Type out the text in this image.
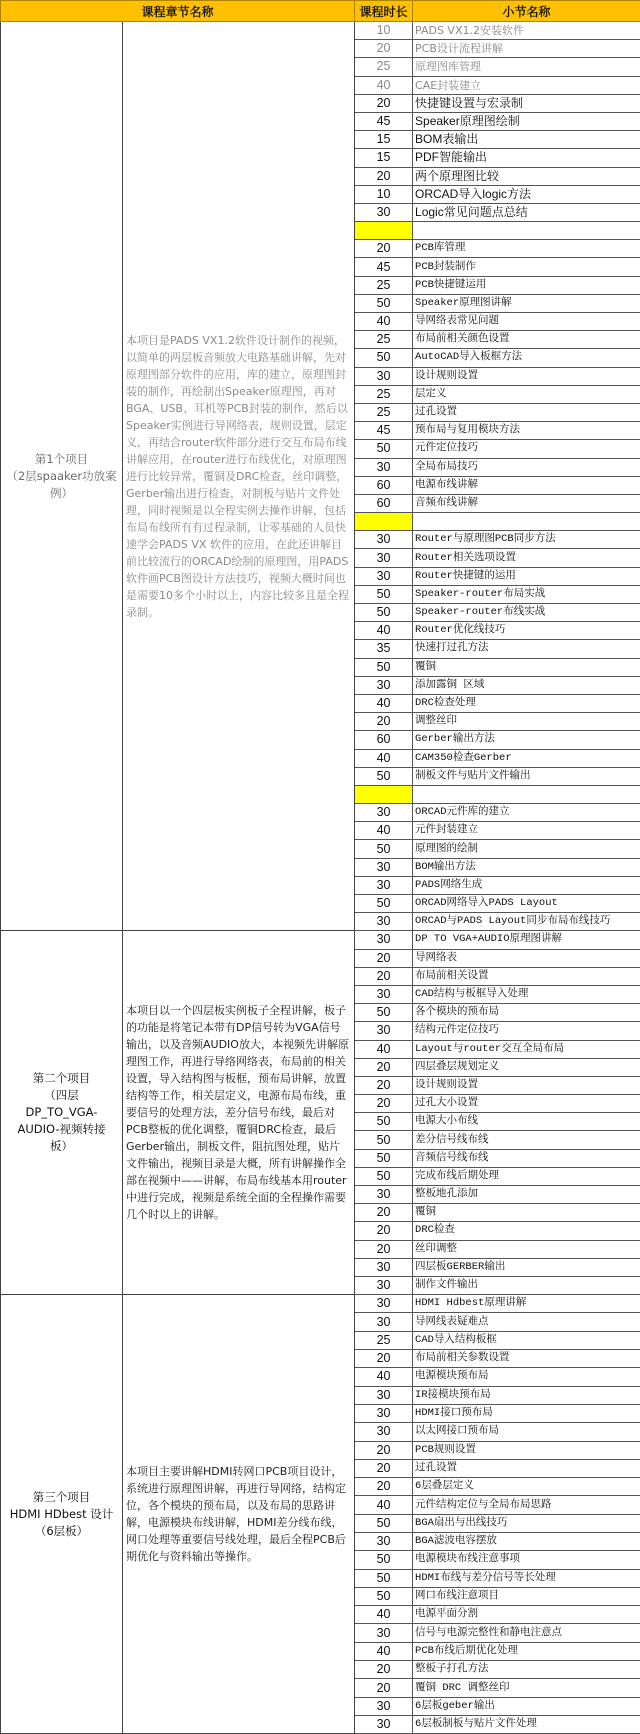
课程章节名称		课程时长	小节名称

第1个项目
（2层spaaker功放案
例）
	本项目是PADS VX1.2软件设计制作的视频，以简单的两层板音频放大电路基础讲解，先对原理图部分软件的应用，库的建立，原理图封装的制作，再绘制出Speaker原理图，再对BGA、USB、耳机等PCB封装的制作，然后以Speaker实例进行导网络表，规则设置，层定义，再结合router软件部分进行交互布局布线讲解应用，在router进行布线优化，对原理图进行比较异常，覆铜及DRC检查，丝印调整，Gerber输出进行检查，对制板与贴片文件处理，同时视频是以全程实例去操作讲解，包括布局布线所有有过程录制，让零基础的人员快速学会PADS VX 软件的应用，在此还讲解目前比较流行的ORCAD绘制的原理图，用PADS软件画PCB图设计方法技巧，视频大概时间也是需要10多个小时以上，内容比较多且是全程录制。	10	PADS VX1.2安装软件
		20	PCB设计流程讲解
		25	原理图库管理
		40	CAE封装建立
		20	快捷键设置与宏录制
		45	Speaker原理图绘制
		15	BOM表输出
		15	PDF智能输出
		20	两个原理图比较
		10	ORCAD导入logic方法
		30	Logic常见问题点总结

		20	PCB库管理
		45	PCB封装制作
		25	PCB快捷键运用
		50	Speaker原理图讲解
		40	导网络表常见问题
		25	布局前相关颜色设置
		50	AutoCAD导入板框方法
		30	设计规则设置
		25	层定义
		25	过孔设置
		45	预布局与复用模块方法
		50	元件定位技巧
		30	全局布局技巧
		60	电源布线讲解
		60	音频布线讲解

		30	Router与原理图PCB同步方法
		30	Router相关选项设置
		30	Router快捷键的运用
		50	Speaker-router布局实战
		50	Speaker-router布线实战
		40	Router优化线技巧
		35	快速打过孔方法
		50	覆铜
		30	添加露铜 区域
		40	DRC检查处理
		20	调整丝印
		60	Gerber输出方法
		40	CAM350检查Gerber
		50	制板文件与贴片文件输出

		30	ORCAD元件库的建立
		40	元件封装建立
		50	原理图的绘制
		30	BOM输出方法
		30	PADS网络生成
		50	ORCAD网络导入PADS Layout
		30	ORCAD与PADS Layout同步布局布线技巧

第二个项目
（四层
DP_TO_VGA-
AUDIO-视频转接
板）
	本项目以一个四层板实例板子全程讲解，板子的功能是将笔记本带有DP信号转为VGA信号输出，以及音频AUDIO放大，本视频先讲解原理图工作，再进行导络网络表，布局前的相关设置，导入结构图与板框，预布局讲解，放置结构等工作，相关层定义，电源布局布线，重要信号的处理方法，差分信号布线，最后对PCB整板的优化调整，覆铜DRC检查，最后Gerber输出，制板文件，阻抗图处理，贴片文件输出，视频目录是大概，所有讲解操作全部在视频中——讲解，布局布线基本用router中进行完成，视频是系统全面的全程操作需要几个时以上的讲解。	30	DP TO VGA+AUDIO原理图讲解
		20	导网络表
		20	布局前相关设置
		30	CAD结构与板框导入处理
		50	各个模块的预布局
		30	结构元件定位技巧
		40	Layout与router交互全局布局
		20	四层叠层规划定义
		20	设计规则设置
		20	过孔大小设置
		50	电源大小布线
		50	差分信号线布线
		50	音频信号线布线
		50	完成布线后期处理
		30	整板地孔添加
		20	覆铜
		20	DRC检查
		20	丝印调整
		30	四层板GERBER输出
		30	制作文件输出

第三个项目
HDMI HDbest 设计
（6层板）	本项目主要讲解HDMI转网口PCB项目设计，系统进行原理图讲解，再进行导网络，结构定位，各个模块的预布局，以及布局的思路讲解，电源模块布线讲解，HDMI差分线布线，网口处理等重要信号线处理，最后全程PCB后期优化与资料输出等操作。	30	HDMI Hdbest原理讲解
		30	导网线表疑难点
		25	CAD导入结构板框
		20	布局前相关参数设置
		40	电源模块预布局
		30	IR接模块预布局
		30	HDMI接口预布局
		30	以太网接口预布局
		20	PCB规则设置
		20	过孔设置
		20	6层叠层定义
		40	元件结构定位与全局布局思路
		50	BGA扇出与出线技巧
		30	BGA滤波电容摆放
		50	电源模块布线注意事项
		50	HDMI布线与差分信号等长处理
		50	网口布线注意项目
		40	电源平面分割
		30	信号与电源完整性和静电注意点
		40	PCB布线后期优化处理
		20	整板子打孔方法
		20	覆铜 DRC 调整丝印
		30	6层板geber输出
		30	6层板制板与贴片文件处理
